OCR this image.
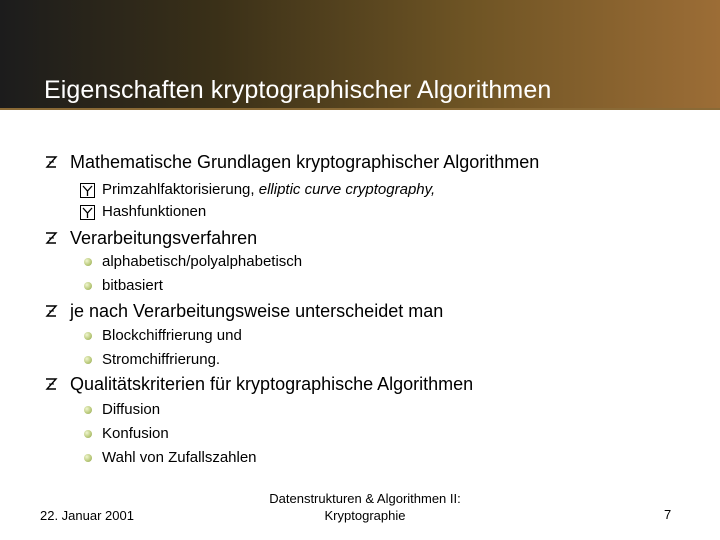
Eigenschaften kryptographischer Algorithmen
Mathematische Grundlagen kryptographischer Algorithmen
Primzahlfaktorisierung, elliptic curve cryptography,
Hashfunktionen
Verarbeitungsverfahren
alphabetisch/polyalphabetisch
bitbasiert
je nach Verarbeitungsweise unterscheidet man
Blockchiffrierung und
Stromchiffrierung.
Qualitätskriterien für kryptographische Algorithmen
Diffusion
Konfusion
Wahl von Zufallszahlen
22. Januar 2001
Datenstrukturen & Algorithmen II:
Kryptographie	7
